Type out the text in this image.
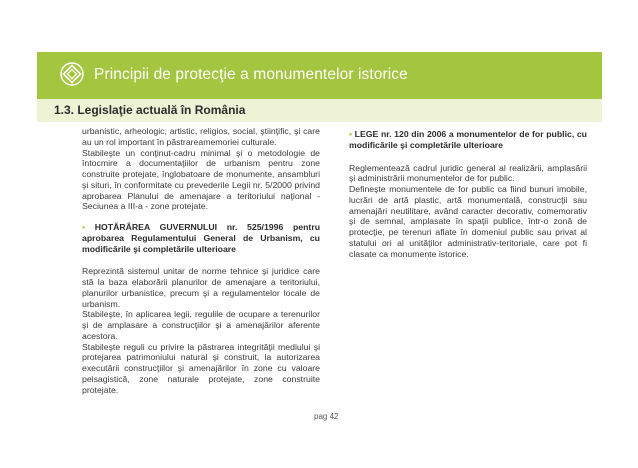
Principii de protecţie a monumentelor istorice
1.3. Legislaţie actuală în România

urbanistic, arheologic, artistic, religios, social, ştiinţific, şi care au un rol important în păstrareamemoriei culturale.

Stabileşte un conţinut-cadru minimal şi o metodologie de întocmire a documentaţiilor de urbanism pentru zone construite protejate, înglobatoare de monumente, ansambluri şi situri, în conformitate cu prevederile Legii nr. 5/2000 privind aprobarea Planului de amenajare a teritoriului naţional - Seciunea a III-a - zone protejate.

• HOTĂRÂREA GUVERNULUI nr. 525/1996 pentru aprobarea Regulamentului General de Urbanism, cu modificările şi completările ulterioare

Reprezintă sistemul unitar de norme tehnice şi juridice care stă la baza elaborării planurilor de amenajare a teritoriului, planurilor urbanistice, precum şi a regulamentelor locale de urbanism.

Stabileşte, în aplicarea legii, regulile de ocupare a terenurilor şi de amplasare a construcţiilor şi a amenajărilor aferente acestora.

Stabileşte reguli cu privire la păstrarea integrităţii mediului şi protejarea patrimoniului natural şi construit, la autorizarea executării construcţiilor şi amenajărilor în zone cu valoare peisagistică, zone naturale protejate, zone construite protejate.

• LEGE nr. 120 din 2006 a monumentelor de for public, cu modificările şi completările ulterioare

Reglementează cadrul juridic general al realizării, amplasării şi administrării monumentelor de for public.

Defineşte monumentele de for public ca fiind bunuri imobile, lucrări de artă plastic, artă monumentală, construcţii sau amenajări neutilitare, având caracter decorativ, comemorativ şi de semnal, amplasate în spaţii publice, într-o zonă de protecţie, pe terenuri aflate în domeniul public sau privat al statului ori al unităţilor administrativ-teritoriale, care pot fi clasate ca monumente istorice.

pag 42
